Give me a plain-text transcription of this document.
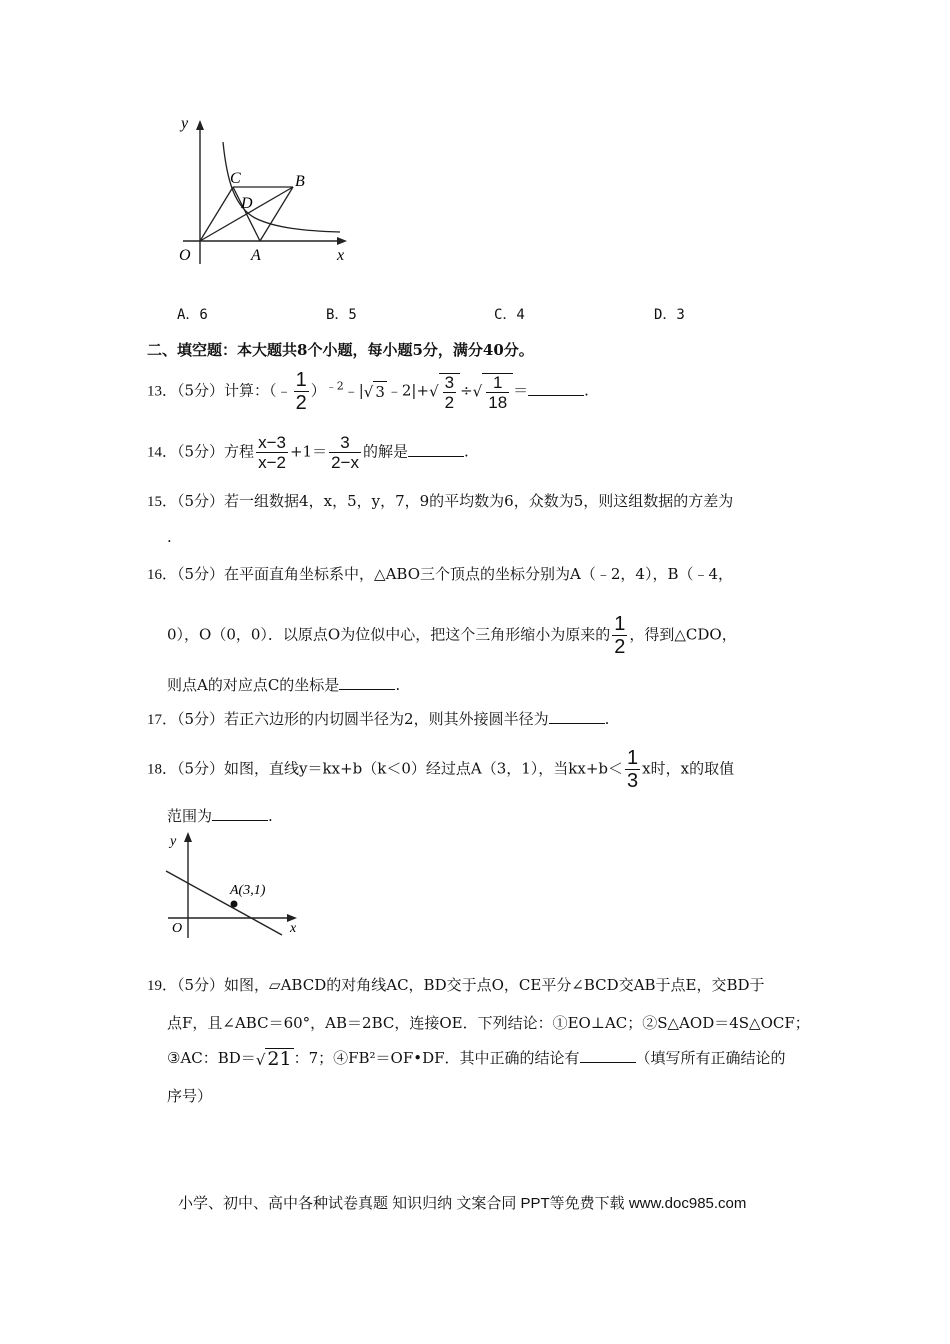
y
x
O	A
B
C
D
A．6	B．5	C．4	D．3
二、填空题：本大题共8个小题，每小题5分，满分40分。
13．（5分）计算：（﹣ $\frac{1}{2}$ ）$^{﹣2}$﹣|√ 3 ﹣2|+√ $\frac{3}{2}$ ÷√ $\frac{1}{18}$ ＝	.
14．（5分）方程 $\frac{x-3}{x-2} +1= \frac{3}{2-x}$ 的解是	.
15．（5分）若一组数据4，x，5，y，7，9的平均数为6，众数为5，则这组数据的方差为
.
16．（5分）在平面直角坐标系中，△ABO三个顶点的坐标分别为A（﹣2，4），B（﹣4，
0），O（0，0）．以原点O为位似中心，把这个三角形缩小为原来的 $\frac{1}{2}$ ，得到△CDO，
则点A的对应点C的坐标是	.
17．（5分）若正六边形的内切圆半径为2，则其外接圆半径为	.
18．（5分）如图，直线y＝kx+b（k＜0）经过点A（3，1），当$kx+b< \frac{1}{3}$ x时，x的取值
范围为	.
y
x
O
A(3,1)
19．（5分）如图，▱ABCD的对角线AC，BD交于点O，CE平分∠BCD交AB于点E，交BD于
点F，且∠ABC＝60°，AB＝2BC，连接OE．下列结论：①EO⊥AC；②S△AOD＝4S△OCF；
③AC：BD＝√ 21 ：7；④FB²＝OF•DF．其中正确的结论有	（填写所有正确结论的
序号）
小学、初中、高中各种试卷真题 知识归纳 文案合同 PPT等免费下载 www.doc985.com
